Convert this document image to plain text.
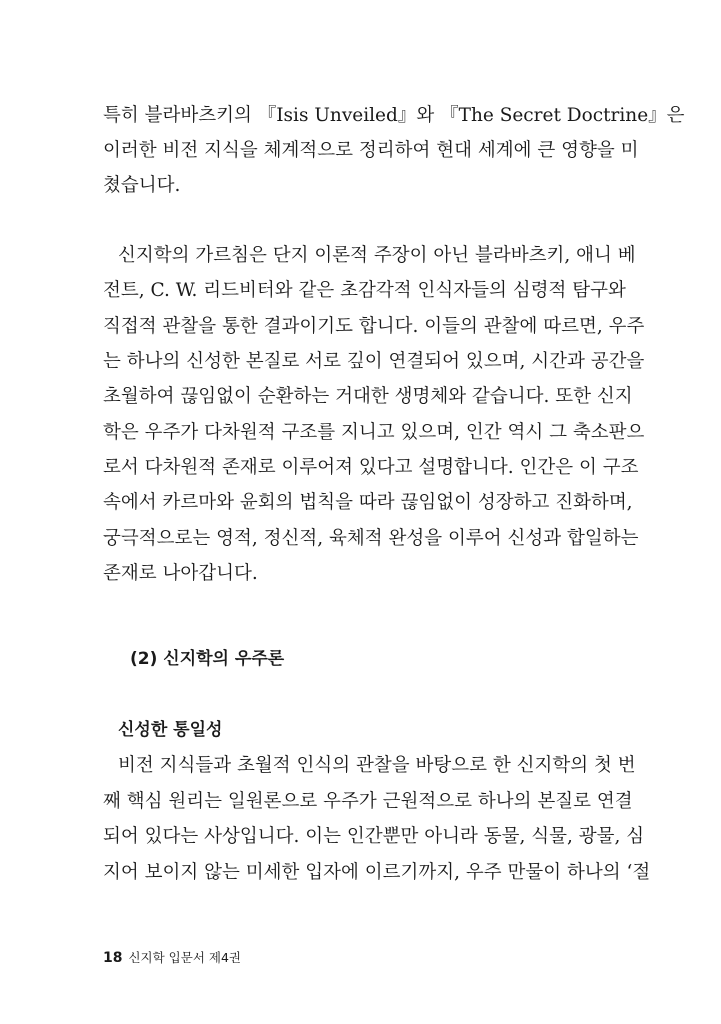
특히 블라바츠키의 『Isis Unveiled』와 『The Secret Doctrine』은
이러한 비전 지식을 체계적으로 정리하여 현대 세계에 큰 영향을 미
쳤습니다.
신지학의 가르침은 단지 이론적 주장이 아닌 블라바츠키, 애니 베
전트, C. W. 리드비터와 같은 초감각적 인식자들의 심령적 탐구와
직접적 관찰을 통한 결과이기도 합니다. 이들의 관찰에 따르면, 우주
는 하나의 신성한 본질로 서로 깊이 연결되어 있으며, 시간과 공간을
초월하여 끊임없이 순환하는 거대한 생명체와 같습니다. 또한 신지
학은 우주가 다차원적 구조를 지니고 있으며, 인간 역시 그 축소판으
로서 다차원적 존재로 이루어져 있다고 설명합니다. 인간은 이 구조
속에서 카르마와 윤회의 법칙을 따라 끊임없이 성장하고 진화하며,
궁극적으로는 영적, 정신적, 육체적 완성을 이루어 신성과 합일하는
존재로 나아갑니다.
(2) 신지학의 우주론
신성한 통일성
비전 지식들과 초월적 인식의 관찰을 바탕으로 한 신지학의 첫 번
째 핵심 원리는 일원론으로 우주가 근원적으로 하나의 본질로 연결
되어 있다는 사상입니다. 이는 인간뿐만 아니라 동물, 식물, 광물, 심
지어 보이지 않는 미세한 입자에 이르기까지, 우주 만물이 하나의 ‘절
18 신지학 입문서 제4권
